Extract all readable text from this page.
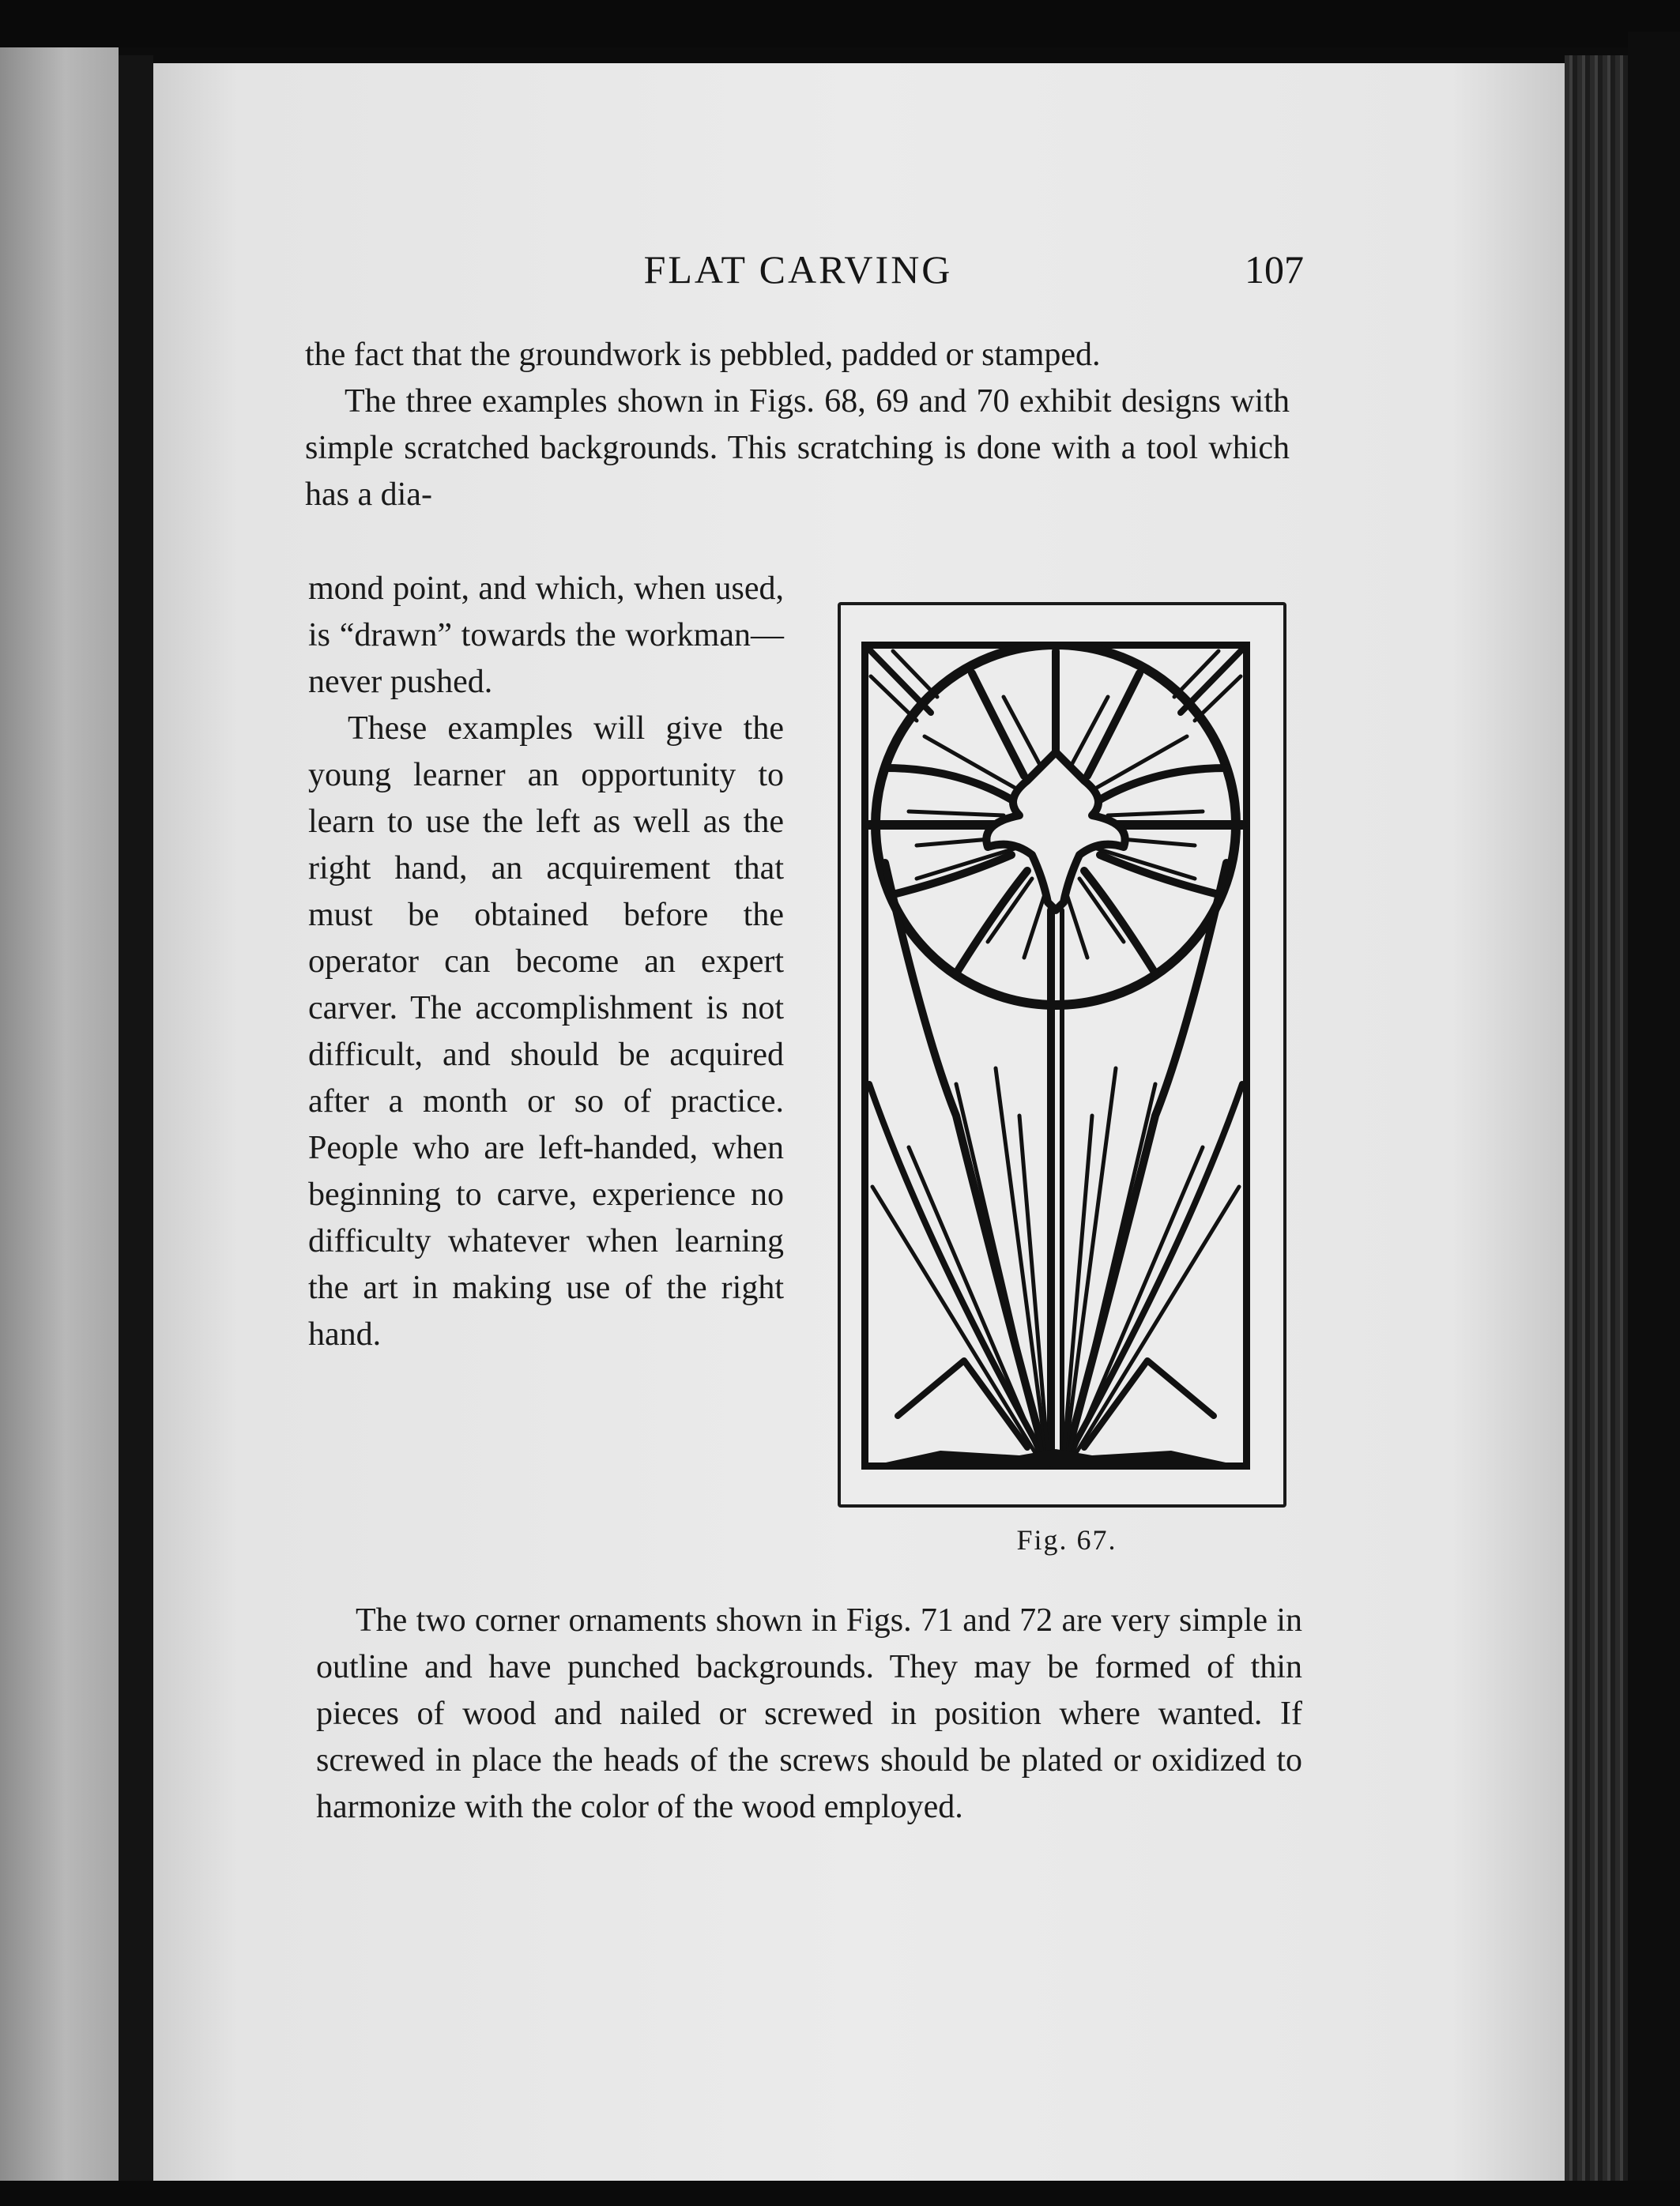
FLAT CARVING	107

the fact that the groundwork is pebbled, padded or stamped.

The three examples shown in Figs. 68, 69 and 70 exhibit designs with simple scratched backgrounds. This scratching is done with a tool which has a dia-

mond point, and which, when used, is “drawn” towards the workman—never pushed.

These examples will give the young learner an opportunity to learn to use the left as well as the right hand, an acquirement that must be obtained before the operator can become an expert carver. The accomplishment is not difficult, and should be acquired after a month or so of practice. People who are left-handed, when beginning to carve, experience no difficulty whatever when learning the art in making use of the right hand.

The two corner ornaments shown in Figs. 71 and 72 are very simple in outline and have punched backgrounds. They may be formed of thin pieces of wood and nailed or screwed in position where wanted. If screwed in place the heads of the screws should be plated or oxidized to harmonize with the color of the wood employed.

Fig. 67.
